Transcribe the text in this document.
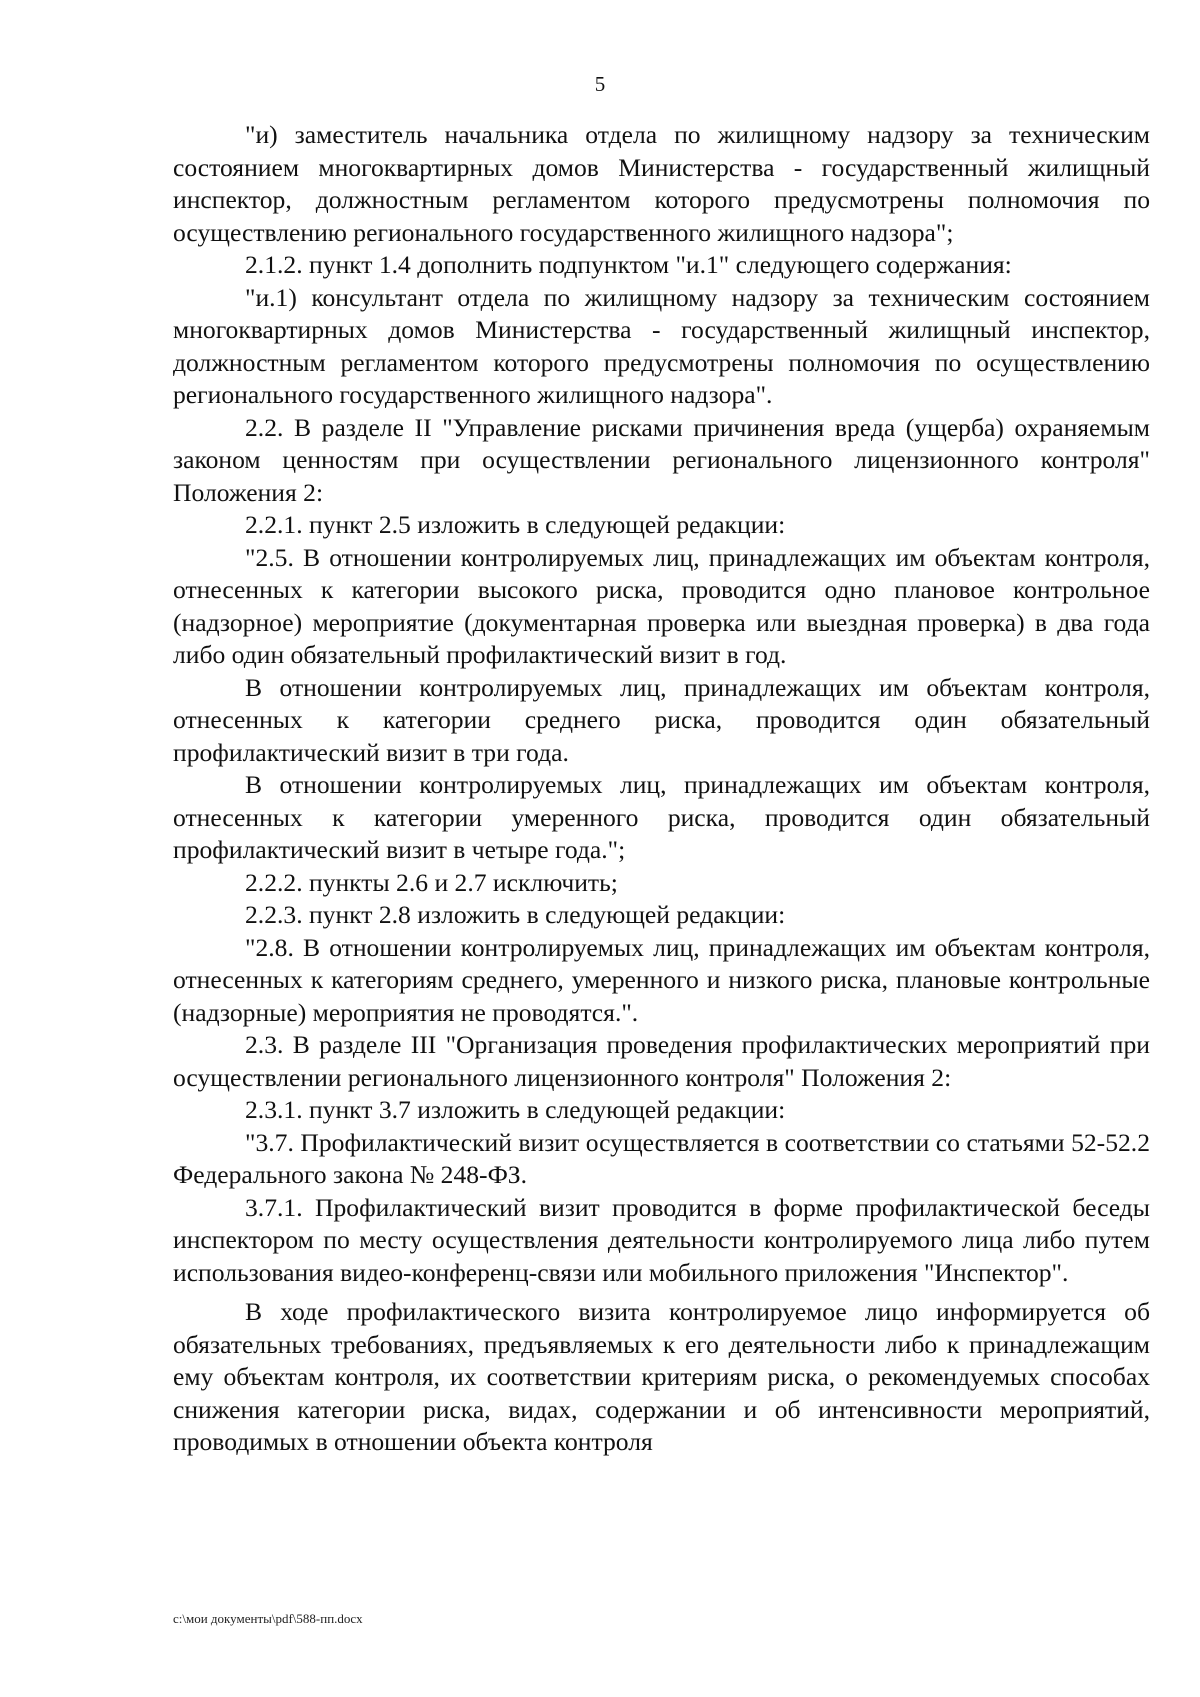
5

"и) заместитель начальника отдела по жилищному надзору за техническим состоянием многоквартирных домов Министерства - государственный жилищный инспектор, должностным регламентом которого предусмотрены полномочия по осуществлению регионального государственного жилищного надзора";

2.1.2. пункт 1.4 дополнить подпунктом "и.1" следующего содержания:

"и.1) консультант отдела по жилищному надзору за техническим состоянием многоквартирных домов Министерства - государственный жилищный инспектор, должностным регламентом которого предусмотрены полномочия по осуществлению регионального государственного жилищного надзора".

2.2. В разделе II "Управление рисками причинения вреда (ущерба) охраняемым законом ценностям при осуществлении регионального лицензионного контроля" Положения 2:

2.2.1. пункт 2.5 изложить в следующей редакции:

"2.5. В отношении контролируемых лиц, принадлежащих им объектам контроля, отнесенных к категории высокого риска, проводится одно плановое контрольное (надзорное) мероприятие (документарная проверка или выездная проверка) в два года либо один обязательный профилактический визит в год.

В отношении контролируемых лиц, принадлежащих им объектам контроля, отнесенных к категории среднего риска, проводится один обязательный профилактический визит в три года.

В отношении контролируемых лиц, принадлежащих им объектам контроля, отнесенных к категории умеренного риска, проводится один обязательный профилактический визит в четыре года.";

2.2.2. пункты 2.6 и 2.7 исключить;

2.2.3. пункт 2.8 изложить в следующей редакции:

"2.8. В отношении контролируемых лиц, принадлежащих им объектам контроля, отнесенных к категориям среднего, умеренного и низкого риска, плановые контрольные (надзорные) мероприятия не проводятся.".

2.3. В разделе III "Организация проведения профилактических мероприятий при осуществлении регионального лицензионного контроля" Положения 2:

2.3.1. пункт 3.7 изложить в следующей редакции:

"3.7. Профилактический визит осуществляется в соответствии со статьями 52-52.2 Федерального закона № 248-ФЗ.

3.7.1. Профилактический визит проводится в форме профилактической беседы инспектором по месту осуществления деятельности контролируемого лица либо путем использования видео-конференц-связи или мобильного приложения "Инспектор".

В ходе профилактического визита контролируемое лицо информируется об обязательных требованиях, предъявляемых к его деятельности либо к принадлежащим ему объектам контроля, их соответствии критериям риска, о рекомендуемых способах снижения категории риска, видах, содержании и об интенсивности мероприятий, проводимых в отношении объекта контроля

c:\мои документы\pdf\588-пп.docx
